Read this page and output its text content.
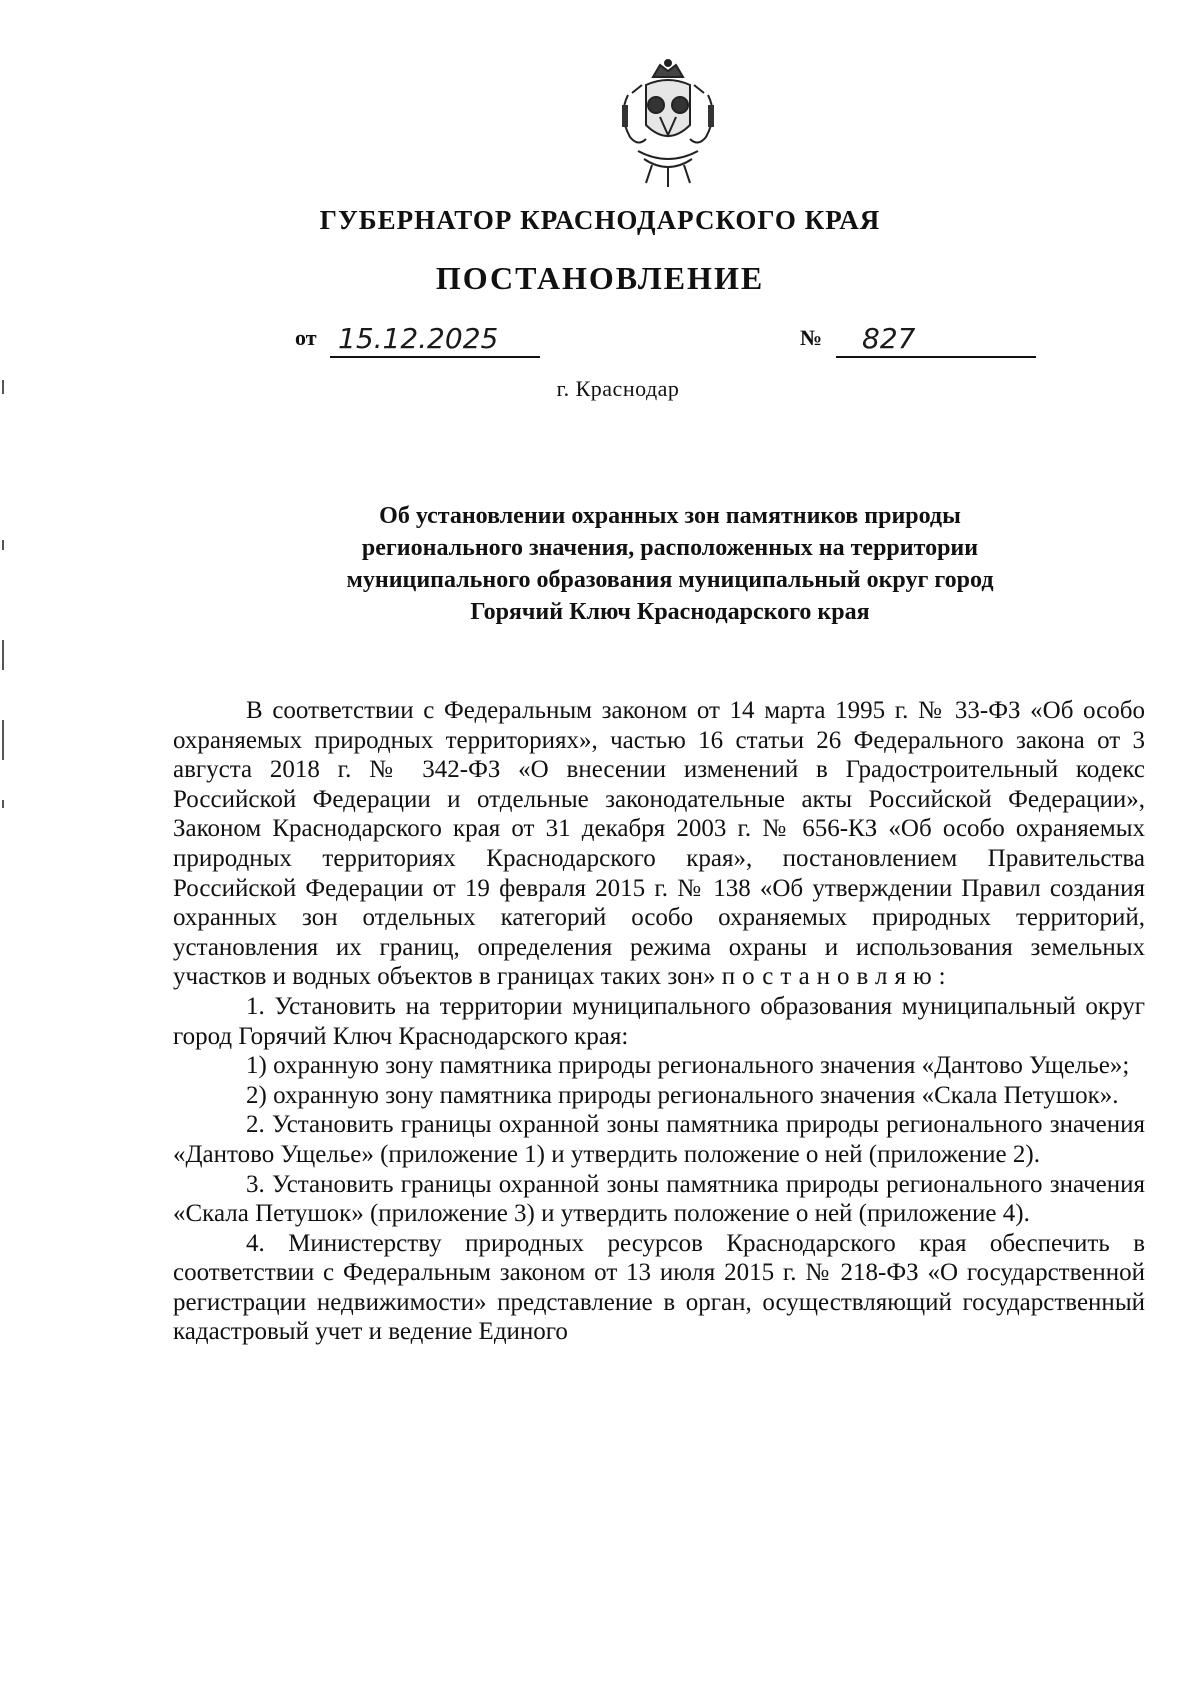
ГУБЕРНАТОР КРАСНОДАРСКОГО КРАЯ
ПОСТАНОВЛЕНИЕ
от 15.12.2025	№ 827
г. Краснодар
Об установлении охранных зон памятников природы
регионального значения, расположенных на территории
муниципального образования муниципальный округ город
Горячий Ключ Краснодарского края

В соответствии с Федеральным законом от 14 марта 1995 г. № 33-ФЗ «Об особо охраняемых природных территориях», частью 16 статьи 26 Федерального закона от 3 августа 2018 г. № 342-ФЗ «О внесении изменений в Градостроительный кодекс Российской Федерации и отдельные законодательные акты Российской Федерации», Законом Краснодарского края от 31 декабря 2003 г. № 656-КЗ «Об особо охраняемых природных территориях Краснодарского края», постановлением Правительства Российской Федерации от 19 февраля 2015 г. № 138 «Об утверждении Правил создания охранных зон отдельных категорий особо охраняемых природных территорий, установления их границ, определения режима охраны и использования земельных участков и водных объектов в границах таких зон» постановляю:

1. Установить на территории муниципального образования муниципальный округ город Горячий Ключ Краснодарского края:

1) охранную зону памятника природы регионального значения «Дантово Ущелье»;

2) охранную зону памятника природы регионального значения «Скала Петушок».

2. Установить границы охранной зоны памятника природы регионального значения «Дантово Ущелье» (приложение 1) и утвердить положение о ней (приложение 2).

3. Установить границы охранной зоны памятника природы регионального значения «Скала Петушок» (приложение 3) и утвердить положение о ней (приложение 4).

4. Министерству природных ресурсов Краснодарского края обеспечить в соответствии с Федеральным законом от 13 июля 2015 г. № 218-ФЗ «О государственной регистрации недвижимости» представление в орган, осуществляющий государственный кадастровый учет и ведение Единого
